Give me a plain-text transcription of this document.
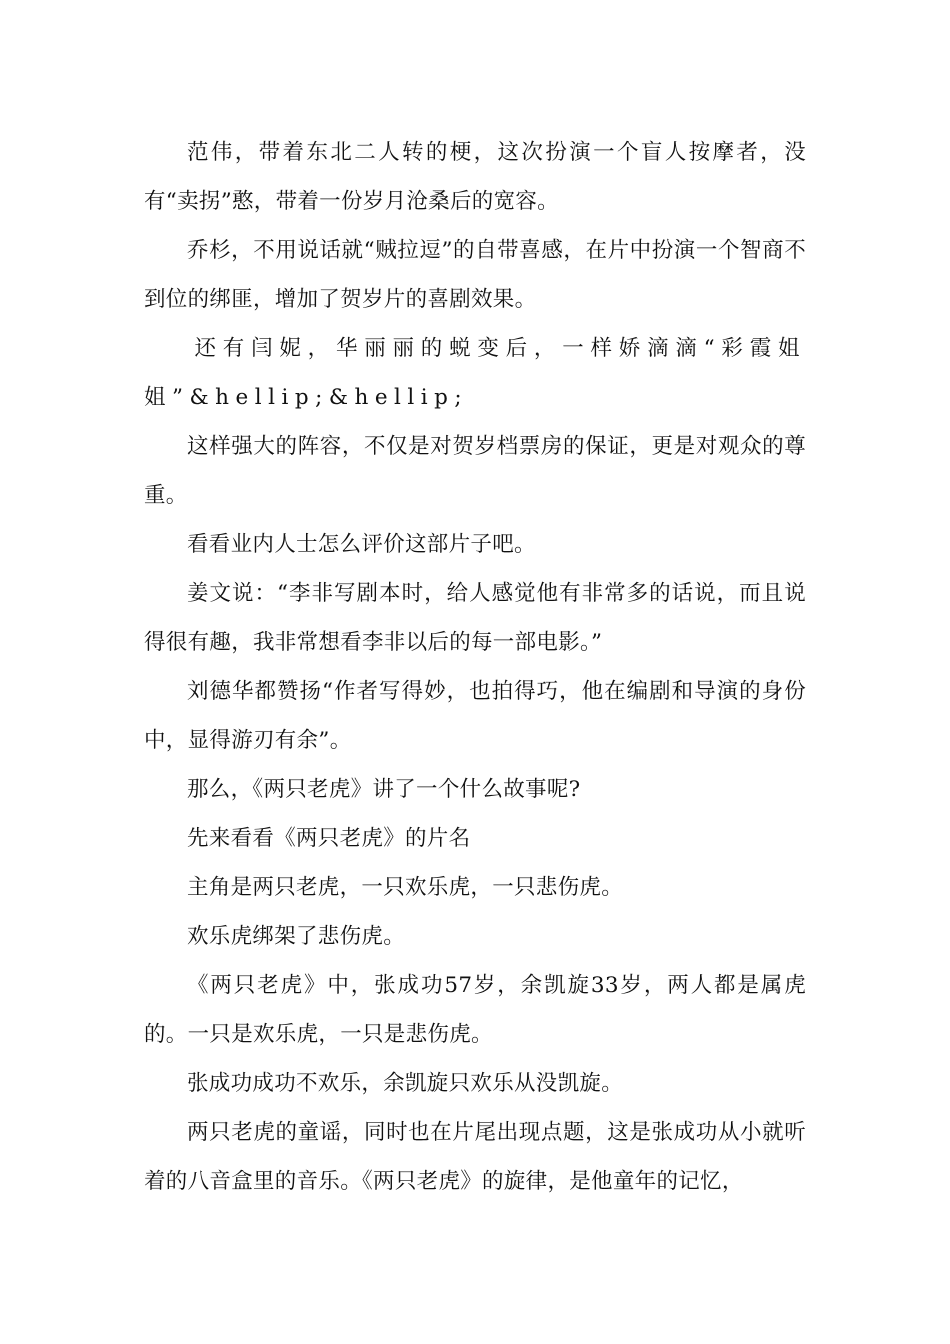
范伟，带着东北二人转的梗，这次扮演一个盲人按摩者，没有“卖拐”憨，带着一份岁月沧桑后的宽容。

乔杉，不用说话就“贼拉逗”的自带喜感，在片中扮演一个智商不到位的绑匪，增加了贺岁片的喜剧效果。

还有闫妮，华丽丽的蜕变后，一样娇滴滴“彩霞姐姐”&hellip;&hellip;

这样强大的阵容，不仅是对贺岁档票房的保证，更是对观众的尊重。

看看业内人士怎么评价这部片子吧。

姜文说：“李非写剧本时，给人感觉他有非常多的话说，而且说得很有趣，我非常想看李非以后的每一部电影。”

刘德华都赞扬“作者写得妙，也拍得巧，他在编剧和导演的身份中，显得游刃有余”。

那么，《两只老虎》讲了一个什么故事呢?

先来看看《两只老虎》的片名

主角是两只老虎，一只欢乐虎，一只悲伤虎。

欢乐虎绑架了悲伤虎。

《两只老虎》中，张成功57岁，余凯旋33岁，两人都是属虎的。一只是欢乐虎，一只是悲伤虎。

张成功成功不欢乐，余凯旋只欢乐从没凯旋。

两只老虎的童谣，同时也在片尾出现点题，这是张成功从小就听着的八音盒里的音乐。《两只老虎》的旋律，是他童年的记忆，
